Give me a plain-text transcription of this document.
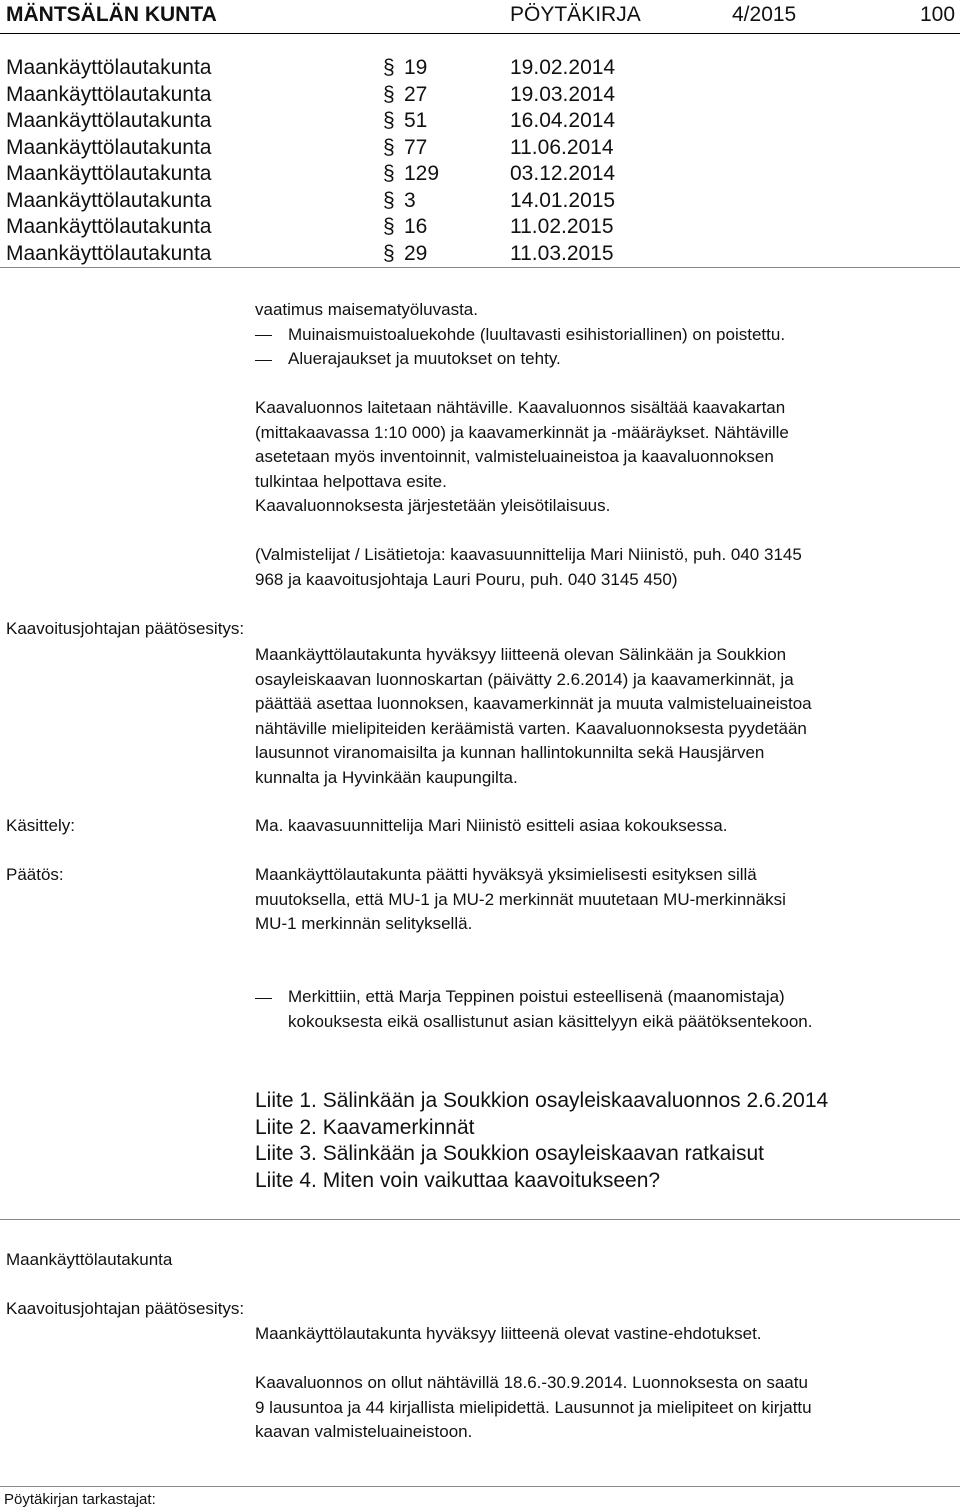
MÄNTSÄLÄN KUNTA	PÖYTÄKIRJA	4/2015	100
Maankäyttölautakunta	§ 19	19.02.2014
Maankäyttölautakunta	§ 27	19.03.2014
Maankäyttölautakunta	§ 51	16.04.2014
Maankäyttölautakunta	§ 77	11.06.2014
Maankäyttölautakunta	§ 129	03.12.2014
Maankäyttölautakunta	§ 3	14.01.2015
Maankäyttölautakunta	§ 16	11.02.2015
Maankäyttölautakunta	§ 29	11.03.2015
vaatimus maisematyöluvasta.
Muinaismuistoaluekohde (luultavasti esihistoriallinen) on poistettu.
Aluerajaukset ja muutokset on tehty.
Kaavaluonnos laitetaan nähtäville. Kaavaluonnos sisältää kaavakartan
(mittakaavassa 1:10 000) ja kaavamerkinnät ja -määräykset. Nähtäville
asetetaan myös inventoinnit, valmisteluaineistoa ja kaavaluonnoksen
tulkintaa helpottava esite.
Kaavaluonnoksesta järjestetään yleisötilaisuus.
(Valmistelijat / Lisätietoja: kaavasuunnittelija Mari Niinistö, puh. 040 3145
968 ja kaavoitusjohtaja Lauri Pouru, puh. 040 3145 450)
Kaavoitusjohtajan päätösesitys:
Maankäyttölautakunta hyväksyy liitteenä olevan Sälinkään ja Soukkion
osayleiskaavan luonnoskartan (päivätty 2.6.2014) ja kaavamerkinnät, ja
päättää asettaa luonnoksen, kaavamerkinnät ja muuta valmisteluaineistoa
nähtäville mielipiteiden keräämistä varten. Kaavaluonnoksesta pyydetään
lausunnot viranomaisilta ja kunnan hallintokunnilta sekä Hausjärven
kunnalta ja Hyvinkään kaupungilta.
Käsittely:	Ma. kaavasuunnittelija Mari Niinistö esitteli asiaa kokouksessa.
Päätös:	Maankäyttölautakunta päätti hyväksyä yksimielisesti esityksen sillä
muutoksella, että MU-1 ja MU-2 merkinnät muutetaan MU-merkinnäksi
MU-1 merkinnän selityksellä.
Merkittiin, että Marja Teppinen poistui esteellisenä (maanomistaja)
kokouksesta eikä osallistunut asian käsittelyyn eikä päätöksentekoon.
Liite 1. Sälinkään ja Soukkion osayleiskaavaluonnos 2.6.2014
Liite 2. Kaavamerkinnät
Liite 3. Sälinkään ja Soukkion osayleiskaavan ratkaisut
Liite 4. Miten voin vaikuttaa kaavoitukseen?
Maankäyttölautakunta
Kaavoitusjohtajan päätösesitys:
Maankäyttölautakunta hyväksyy liitteenä olevat vastine-ehdotukset.
Kaavaluonnos on ollut nähtävillä 18.6.-30.9.2014. Luonnoksesta on saatu
9 lausuntoa ja 44 kirjallista mielipidettä. Lausunnot ja mielipiteet on kirjattu
kaavan valmisteluaineistoon.
Pöytäkirjan tarkastajat:
